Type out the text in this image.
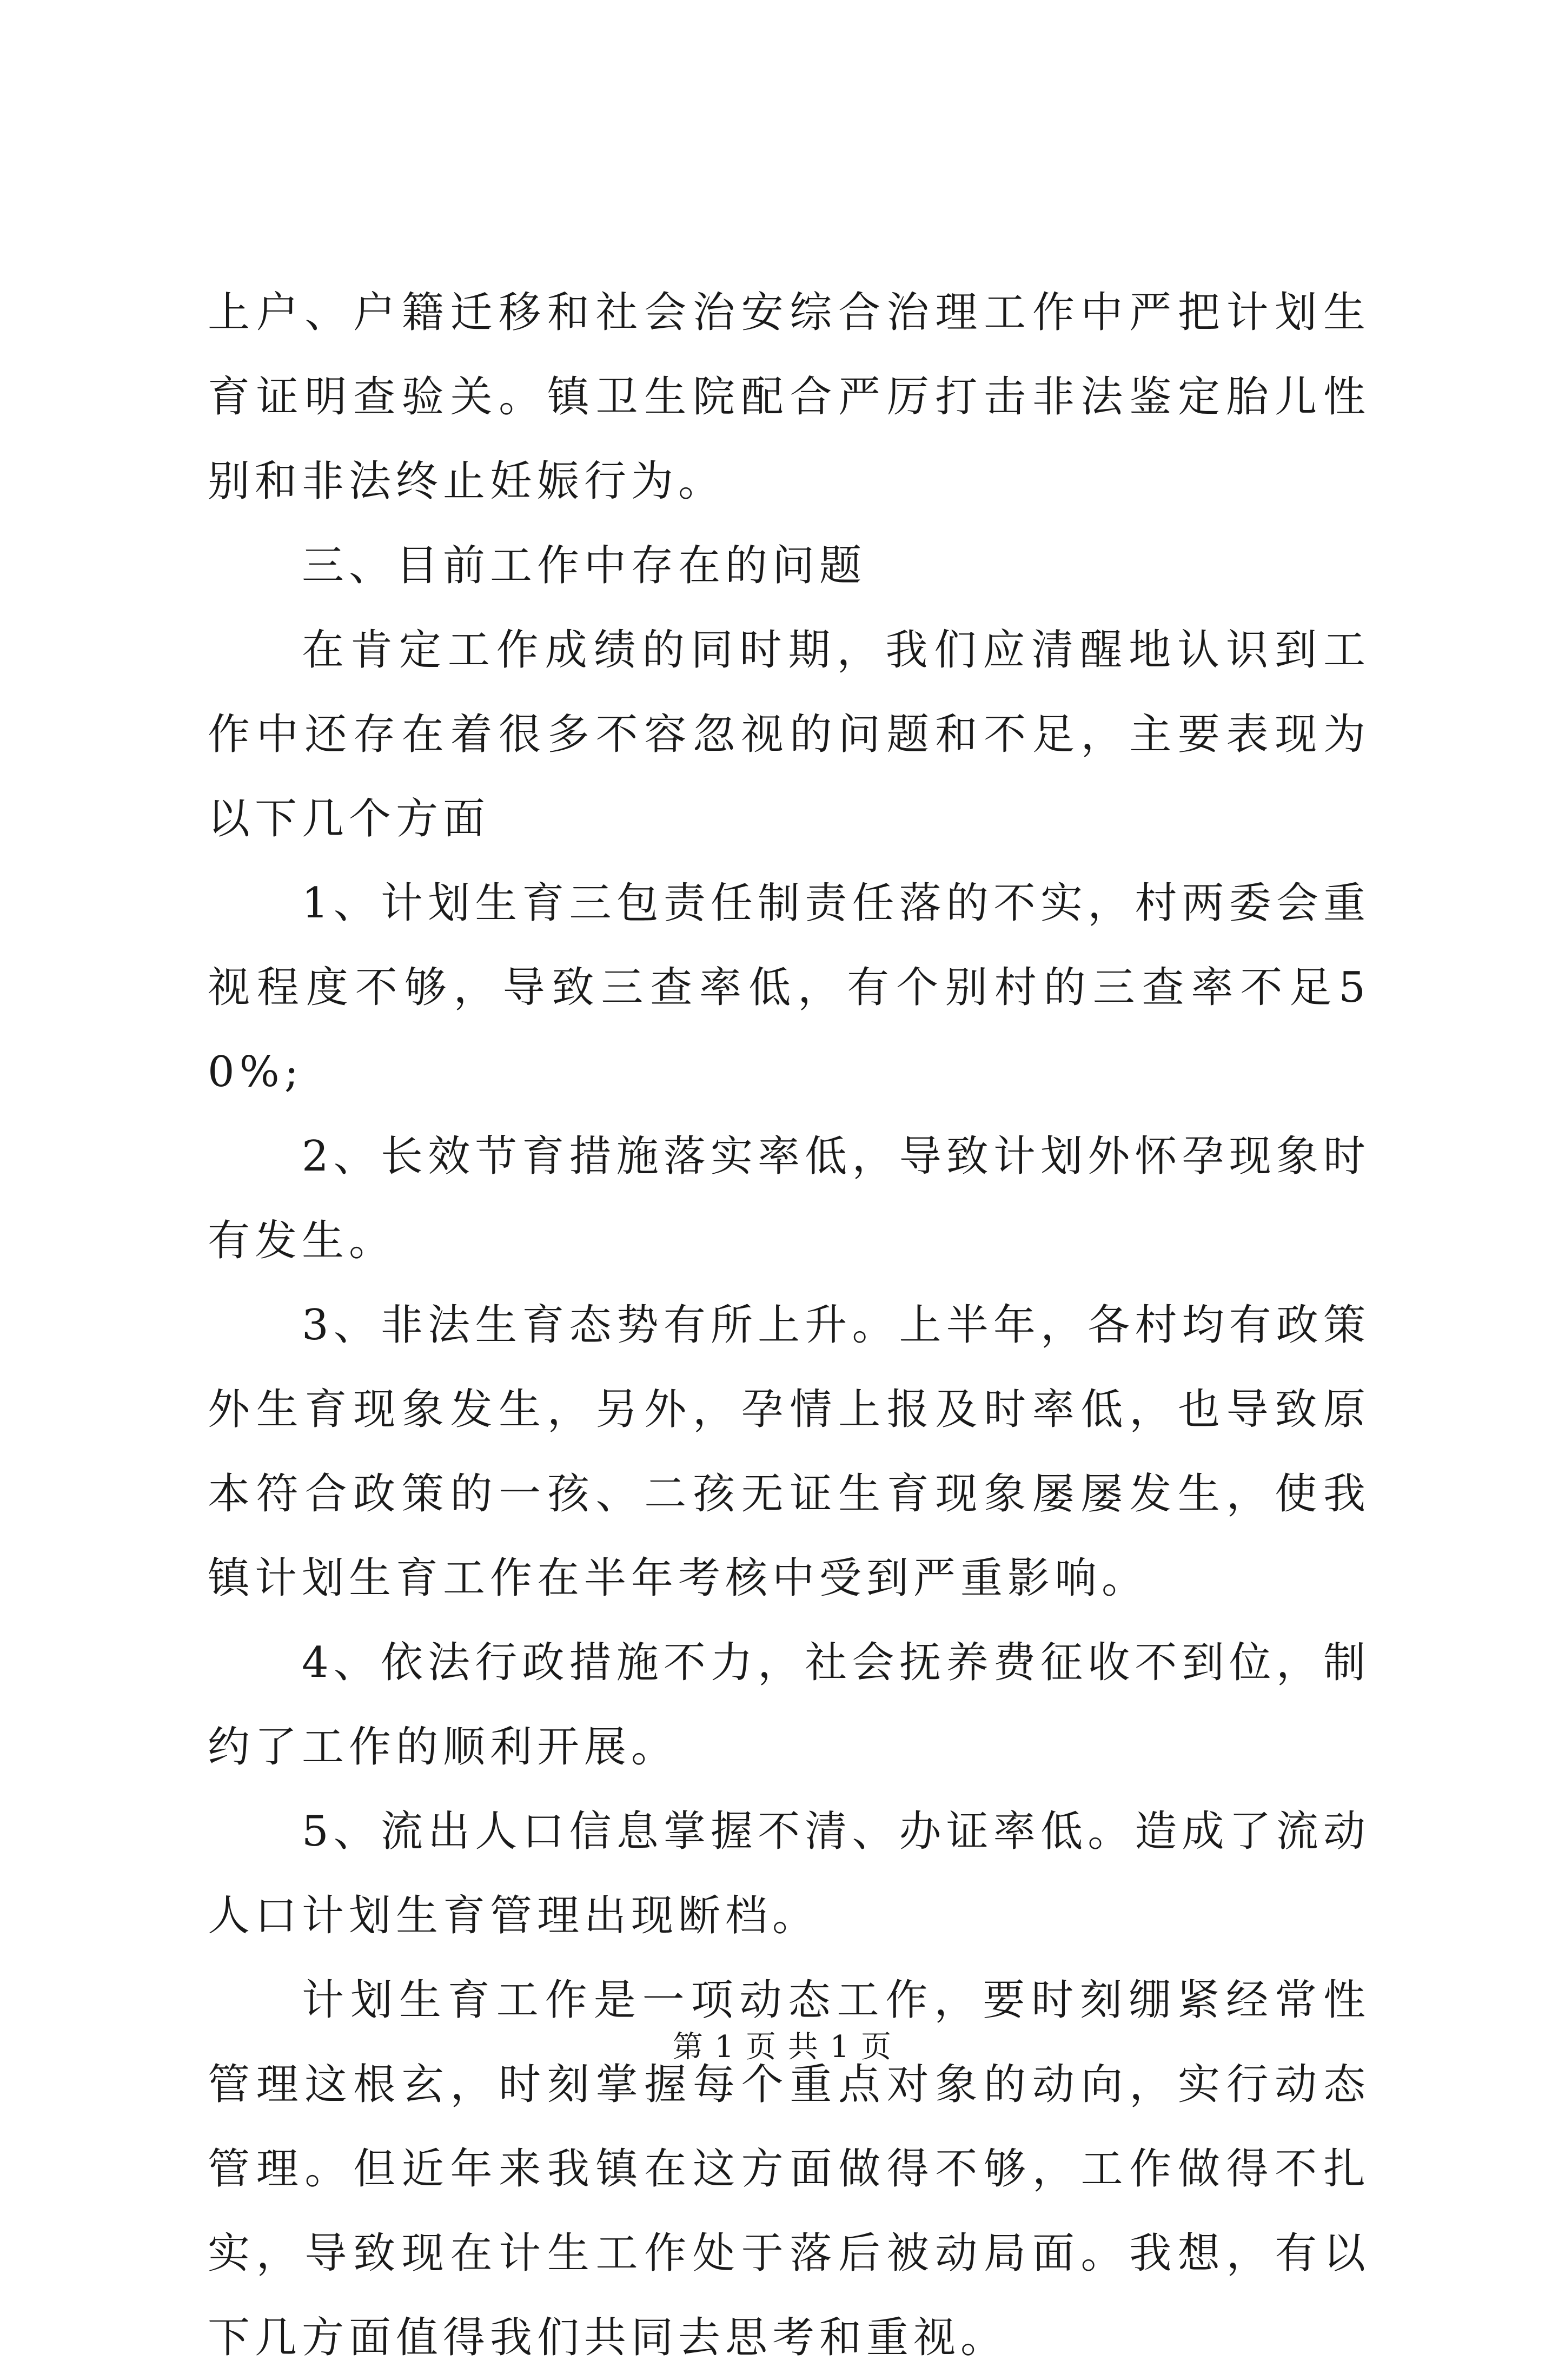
上户、户籍迁移和社会治安综合治理工作中严把计划生育证明查验关。镇卫生院配合严厉打击非法鉴定胎儿性别和非法终止妊娠行为。

三、目前工作中存在的问题

在肯定工作成绩的同时期，我们应清醒地认识到工作中还存在着很多不容忽视的问题和不足，主要表现为以下几个方面

1、计划生育三包责任制责任落的不实，村两委会重视程度不够，导致三查率低，有个别村的三查率不足50%;

2、长效节育措施落实率低，导致计划外怀孕现象时有发生。

3、非法生育态势有所上升。上半年，各村均有政策外生育现象发生，另外，孕情上报及时率低，也导致原本符合政策的一孩、二孩无证生育现象屡屡发生，使我镇计划生育工作在半年考核中受到严重影响。

4、依法行政措施不力，社会抚养费征收不到位，制约了工作的顺利开展。

5、流出人口信息掌握不清、办证率低。造成了流动人口计划生育管理出现断档。

计划生育工作是一项动态工作，要时刻绷紧经常性管理这根玄，时刻掌握每个重点对象的动向，实行动态管理。但近年来我镇在这方面做得不够，工作做得不扎实，导致现在计生工作处于落后被动局面。我想，有以下几方面值得我们共同去思考和重视。

第 1 页 共 1 页
